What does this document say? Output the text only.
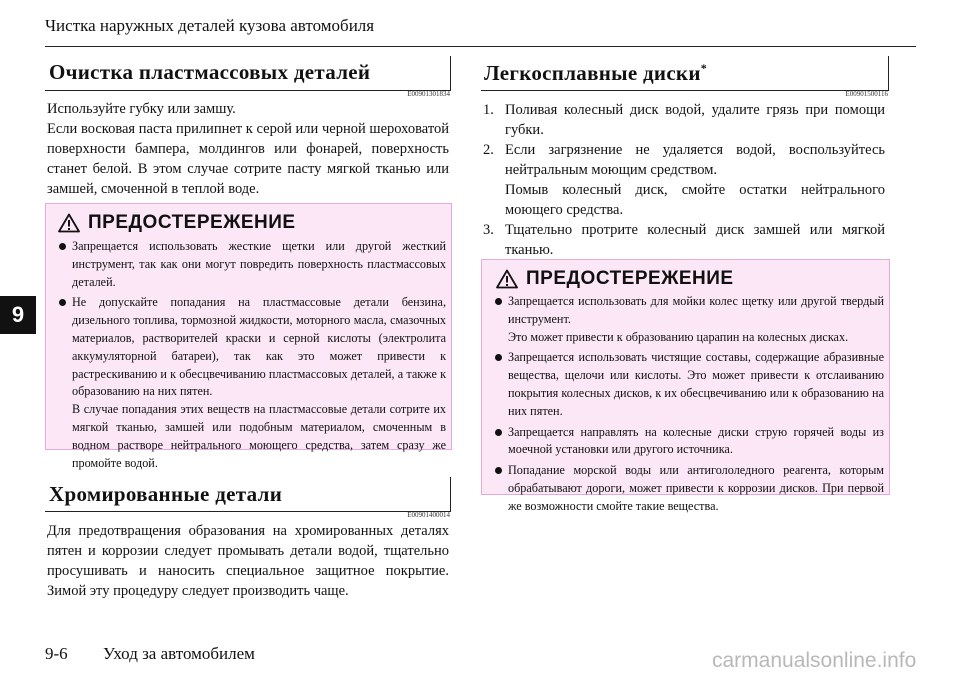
Чистка наружных деталей кузова автомобиля
9
Очистка пластмассовых деталей
E00901301834

Используйте губку или замшу.

Если восковая паста прилипнет к серой или черной шероховатой поверхности бампера, молдингов или фонарей, поверхность станет белой. В этом случае сотрите пасту мягкой тканью или замшей, смоченной в теплой воде.

ПРЕДОСТЕРЕЖЕНИЕ

Запрещается использовать жесткие щетки или другой жесткий инструмент, так как они могут повредить поверхность пластмассовых деталей.

Не допускайте попадания на пластмассовые детали бензина, дизельного топлива, тормозной жидкости, моторного масла, смазочных материалов, растворителей краски и серной кислоты (электролита аккумуляторной батареи), так как это может привести к растрескиванию и к обесцвечиванию пластмассовых деталей, а также к образованию на них пятен.

В случае попадания этих веществ на пластмассовые детали сотрите их мягкой тканью, замшей или подобным материалом, смоченным в водном растворе нейтрального моющего средства, затем сразу же промойте водой.

Хромированные детали
E00901400014

Для предотвращения образования на хромированных деталях пятен и коррозии следует промывать детали водой, тщательно просушивать и наносить специальное защитное покрытие. Зимой эту процедуру следует производить чаще.

Легкосплавные диски*
E00901500116
1. Поливая колесный диск водой, удалите грязь при помощи губки.

2. Если загрязнение не удаляется водой, воспользуйтесь нейтральным моющим средством.

Помыв колесный диск, смойте остатки нейтрального моющего средства.

3. Тщательно протрите колесный диск замшей или мягкой тканью.

ПРЕДОСТЕРЕЖЕНИЕ

Запрещается использовать для мойки колес щетку или другой твердый инструмент.

Это может привести к образованию царапин на колесных дисках.

Запрещается использовать чистящие составы, содержащие абразивные вещества, щелочи или кислоты. Это может привести к отслаиванию покрытия колесных дисков, к их обесцвечиванию или к образованию на них пятен.

Запрещается направлять на колесные диски струю горячей воды из моечной установки или другого источника.

Попадание морской воды или антигололедного реагента, которым обрабатывают дороги, может привести к коррозии дисков. При первой же возможности смойте такие вещества.

9-6 Уход за автомобилем	carmanualsonline.info
